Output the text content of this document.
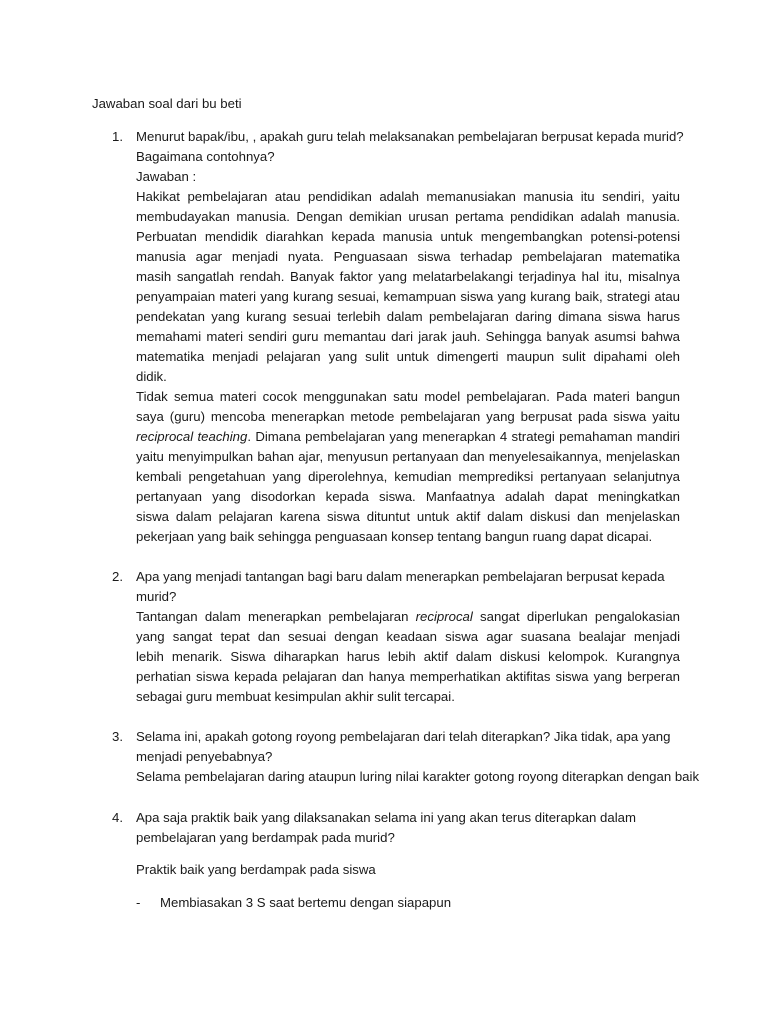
Jawaban soal dari bu beti
1. Menurut bapak/ibu, , apakah guru telah melaksanakan pembelajaran berpusat kepada murid?
Bagaimana contohnya?
Jawaban :
Hakikat pembelajaran atau pendidikan adalah memanusiakan manusia itu sendiri, yaitu
membudayakan manusia. Dengan demikian urusan pertama pendidikan adalah manusia.
Perbuatan mendidik diarahkan kepada manusia untuk mengembangkan potensi-potensi
manusia agar menjadi nyata. Penguasaan siswa terhadap pembelajaran matematika
masih sangatlah rendah. Banyak faktor yang melatarbelakangi terjadinya hal itu, misalnya
penyampaian materi yang kurang sesuai, kemampuan siswa yang kurang baik, strategi atau
pendekatan yang kurang sesuai terlebih dalam pembelajaran daring dimana siswa harus
memahami materi sendiri guru memantau dari jarak jauh. Sehingga banyak asumsi bahwa
matematika menjadi pelajaran yang sulit untuk dimengerti maupun sulit dipahami oleh
didik.
Tidak semua materi cocok menggunakan satu model pembelajaran. Pada materi bangun
saya (guru) mencoba menerapkan metode pembelajaran yang berpusat pada siswa yaitu
reciprocal teaching. Dimana pembelajaran yang menerapkan 4 strategi pemahaman mandiri
yaitu menyimpulkan bahan ajar, menyusun pertanyaan dan menyelesaikannya, menjelaskan
kembali pengetahuan yang diperolehnya, kemudian memprediksi pertanyaan selanjutnya
pertanyaan yang disodorkan kepada siswa. Manfaatnya adalah dapat meningkatkan
siswa dalam pelajaran karena siswa dituntut untuk aktif dalam diskusi dan menjelaskan
pekerjaan yang baik sehingga penguasaan konsep tentang bangun ruang dapat dicapai.
2. Apa yang menjadi tantangan bagi baru dalam menerapkan pembelajaran berpusat kepada
murid?
Tantangan dalam menerapkan pembelajaran reciprocal sangat diperlukan pengalokasian
yang sangat tepat dan sesuai dengan keadaan siswa agar suasana bealajar menjadi
lebih menarik. Siswa diharapkan harus lebih aktif dalam diskusi kelompok. Kurangnya
perhatian siswa kepada pelajaran dan hanya memperhatikan aktifitas siswa yang berperan
sebagai guru membuat kesimpulan akhir sulit tercapai.
3. Selama ini, apakah gotong royong pembelajaran dari telah diterapkan? Jika tidak, apa yang
menjadi penyebabnya?
Selama pembelajaran daring ataupun luring nilai karakter gotong royong diterapkan dengan baik
4. Apa saja praktik baik yang dilaksanakan selama ini yang akan terus diterapkan dalam
pembelajaran yang berdampak pada murid?
Praktik baik yang berdampak pada siswa
- Membiasakan 3 S saat bertemu dengan siapapun
